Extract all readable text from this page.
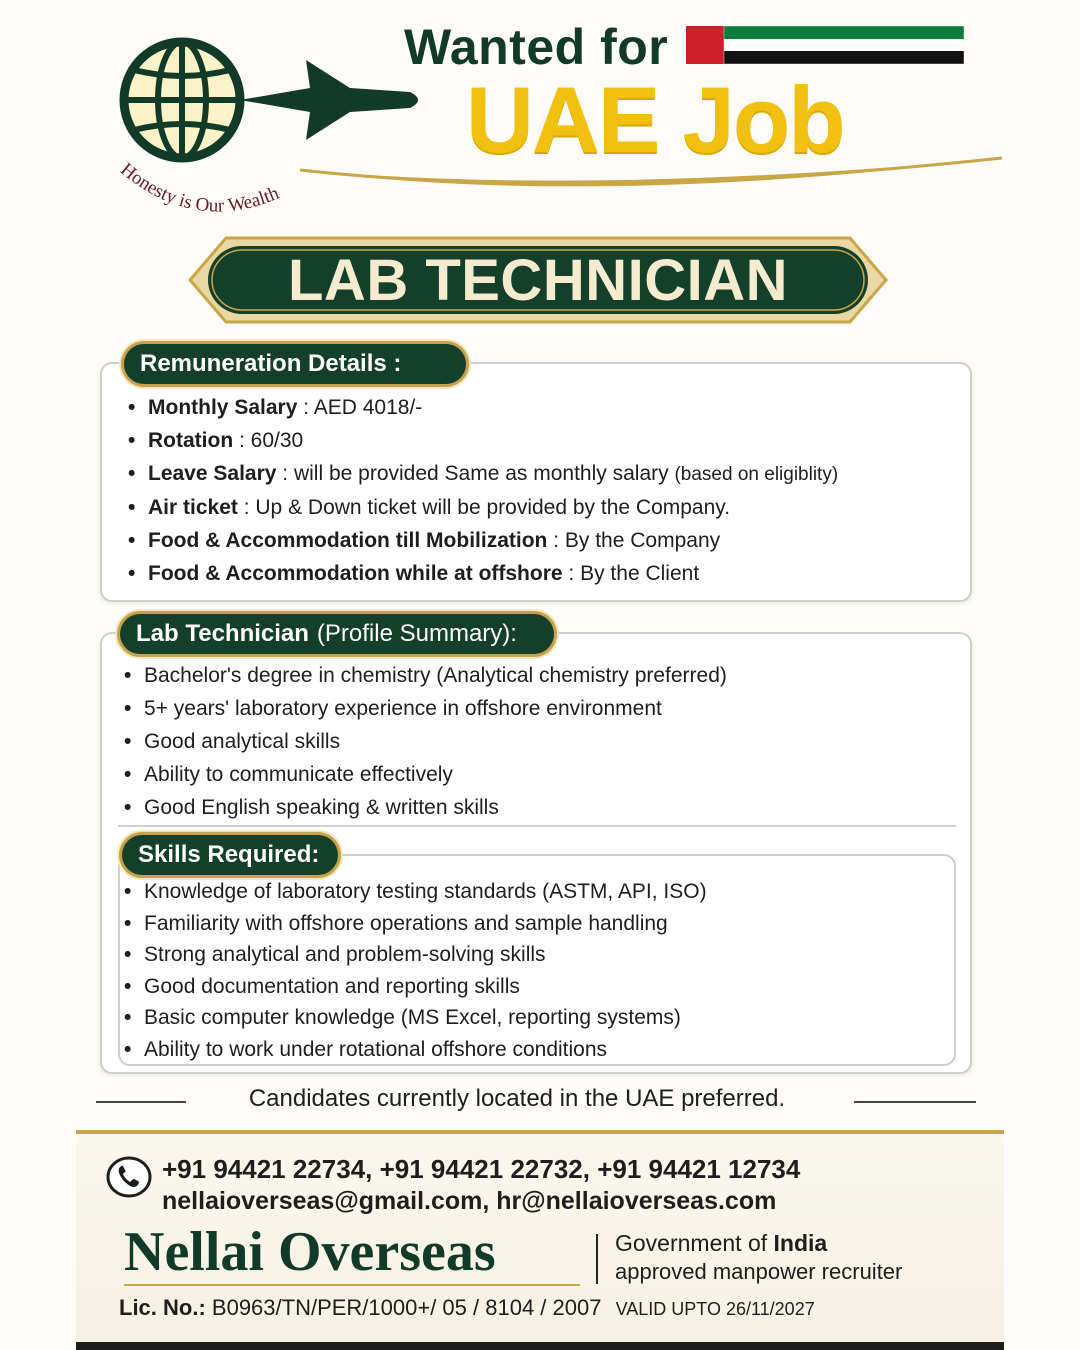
Honesty is Our Wealth
Wanted for
UAE Job
LAB TECHNICIAN
Remuneration Details :
• Monthly Salary : AED 4018/-
• Rotation : 60/30
• Leave Salary : will be provided Same as monthly salary (based on eligiblity)
• Air ticket : Up & Down ticket will be provided by the Company.
• Food & Accommodation till Mobilization : By the Company
• Food & Accommodation while at offshore : By the Client
Lab Technician (Profile Summary):
• Bachelor's degree in chemistry (Analytical chemistry preferred)
• 5+ years' laboratory experience in offshore environment
• Good analytical skills
• Ability to communicate effectively
• Good English speaking & written skills
Skills Required:
• Knowledge of laboratory testing standards (ASTM, API, ISO)
• Familiarity with offshore operations and sample handling
• Strong analytical and problem-solving skills
• Good documentation and reporting skills
• Basic computer knowledge (MS Excel, reporting systems)
• Ability to work under rotational offshore conditions
Candidates currently located in the UAE preferred.
+91 94421 22734, +91 94421 22732, +91 94421 12734
nellaioverseas@gmail.com, hr@nellaioverseas.com
Nellai Overseas	Government of India
approved manpower recruiter
Lic. No.: B0963/TN/PER/1000+/ 05 / 8104 / 2007 VALID UPTO 26/11/2027
